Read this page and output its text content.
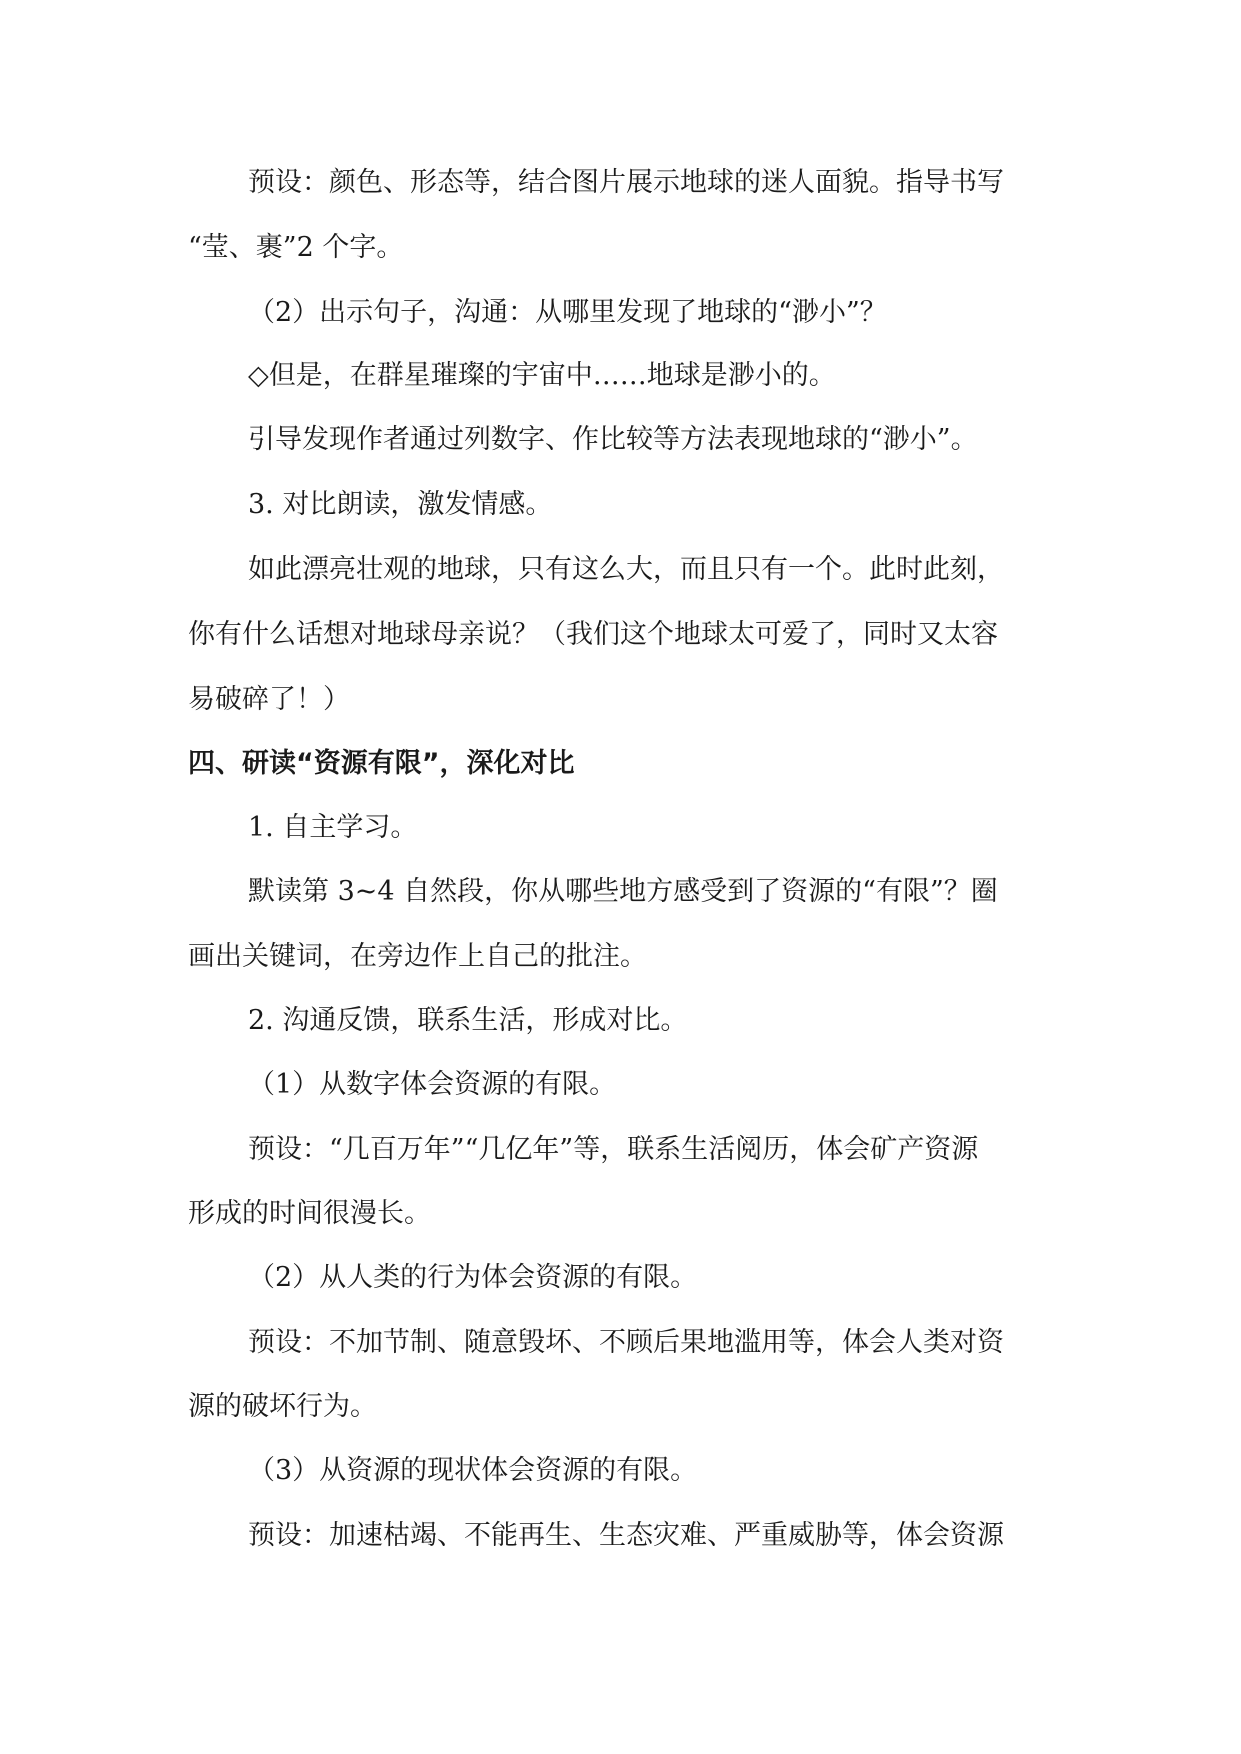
预设：颜色、形态等，结合图片展示地球的迷人面貌。指导书写
“莹、裹”2 个字。
（2）出示句子，沟通：从哪里发现了地球的“渺小”？
◇但是，在群星璀璨的宇宙中……地球是渺小的。
引导发现作者通过列数字、作比较等方法表现地球的“渺小”。
3. 对比朗读，激发情感。
如此漂亮壮观的地球，只有这么大，而且只有一个。此时此刻，
你有什么话想对地球母亲说？（我们这个地球太可爱了，同时又太容
易破碎了！）
四、研读“资源有限”，深化对比
1. 自主学习。
默读第 3~4 自然段，你从哪些地方感受到了资源的“有限”？圈
画出关键词，在旁边作上自己的批注。
2. 沟通反馈，联系生活，形成对比。
（1）从数字体会资源的有限。
预设：“几百万年”“几亿年”等，联系生活阅历，体会矿产资源
形成的时间很漫长。
（2）从人类的行为体会资源的有限。
预设：不加节制、随意毁坏、不顾后果地滥用等，体会人类对资
源的破坏行为。
（3）从资源的现状体会资源的有限。
预设：加速枯竭、不能再生、生态灾难、严重威胁等，体会资源
